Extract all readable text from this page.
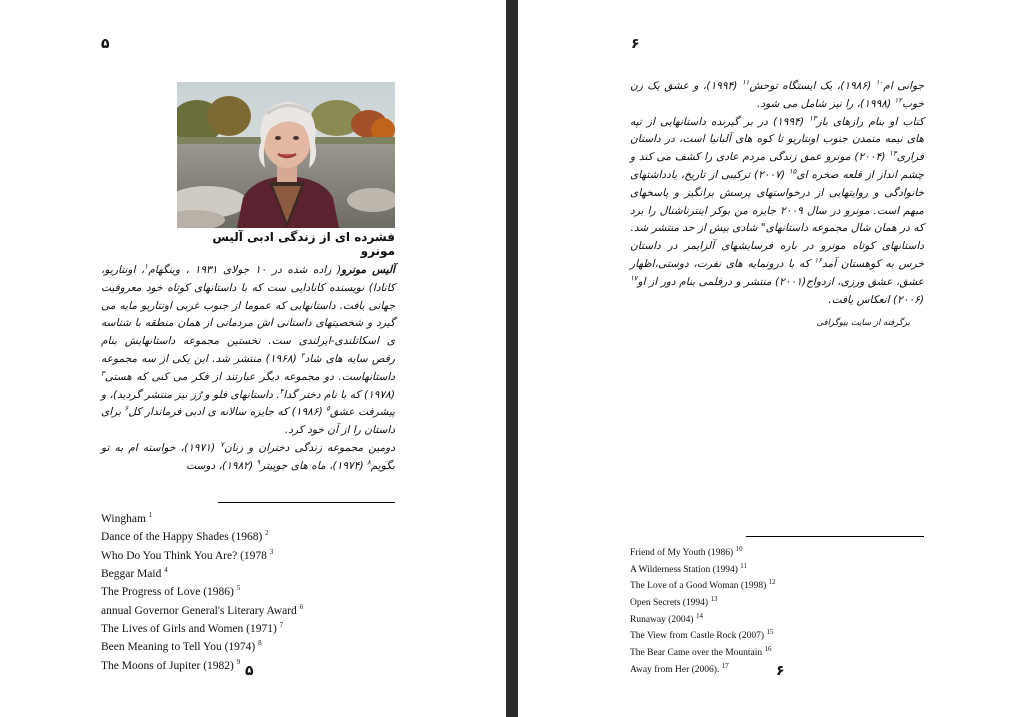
۵
فشرده ای از زندگی ادبی آلیس مونرو

آلیس مونرو( زاده شده در ۱۰ جولای ۱۹۳۱ ، وینگهام$^۱$، اونتاریو، کانادا) نویسنده کانادایی ست که با داستانهای کوتاه خود معروفیت جهانی یافت. داستانهایی که عموما از جنوب غربی اونتاریو مایه می گیرد و شخصیتهای داستانی اش مردمانی از همان منطقه با شناسه ی اسکاتلندی-ایرلندی ست. نخستین مجموعه داستانهایش بنام رقص سایه های شاد$^۲$ (۱۹۶۸) منتشر شد. این یکی از سه مجموعه داستانهاست. دو مجموعه دیگر عبارتند از فکر می کنی که هستی$^۳$ (۱۹۷۸) که با نام دختر گدا$^۴$. داستانهای فلو و رُز نیز منتشر گردید)، و پیشرفت عشق$^۵$ (۱۹۸۶) که جایزه سالانه ی ادبی فرماندار کل$^۶$ برای داستان را از آن خود کرد.

دومین مجموعه زندگی دختران و زنان$^۷$ (۱۹۷۱)، خواسته ام به تو بگویم$^۸$ (۱۹۷۴)، ماه های جوپیتر$^۹$ (۱۹۸۲)، دوست

Wingham $^1$
Dance of the Happy Shades (1968) $^2$
Who Do You Think You Are? (1978 $^3$
Beggar Maid $^4$
The Progress of Love (1986) $^5$
annual Governor General's Literary Award $^6$
The Lives of Girls and Women (1971) $^7$
Been Meaning to Tell You (1974) $^8$
The Moons of Jupiter (1982) $^9$
۵
۶

جوانی ام$^{۱۰}$ (۱۹۸۶)، یک ایستگاه توحش$^{۱۱}$ (۱۹۹۴)، و عشق یک زن خوب$^{۱۲}$ (۱۹۹۸)، را نیز شامل می شود.

کتاب او بنام رازهای باز$^{۱۳}$ (۱۹۹۴) در بر گیرنده داستانهایی از تپه های نیمه متمدن جنوب اونتاریو تا کوه های آلبانیا است، در داستان فراری$^{۱۴}$ (۲۰۰۴) مونرو عمق زندگی مردم عادی را کشف می کند و چشم انداز از قلعه صخره ای$^{۱۵}$ (۲۰۰۷) ترکیبی از تاریخ، یادداشتهای خانوادگی و روایتهایی از درخواستهای پرسش برانگیز و پاسخهای مبهم است. مونرو در سال ۲۰۰۹ جایزه من بوکر اینترناشنال را برد که در همان شال مجموعه داستانهای" شادی بیش از حد منتشر شد.

داستانهای کوتاه مونرو در باره فرسایشهای آلزایمر در داستان خرس به کوهستان آمد$^{۱۶}$ که با درونمایه های نفرت، دوستی،اظهار عشق، عشق ورزی، ازدواج(۲۰۰۱) منتشر و درفلمی بنام دور از او$^{۱۷}$ (۲۰۰۶) انعکاس یافت.

برگرفته از سایت بیوگرافی
Friend of My Youth (1986) $^{10}$
A Wilderness Station (1994) $^{11}$
The Love of a Good Woman (1998) $^{12}$
Open Secrets (1994) $^{13}$
Runaway (2004) $^{14}$
The View from Castle Rock (2007) $^{15}$
The Bear Came over the Mountain $^{16}$
Away from Her (2006). $^{17}$	۶
